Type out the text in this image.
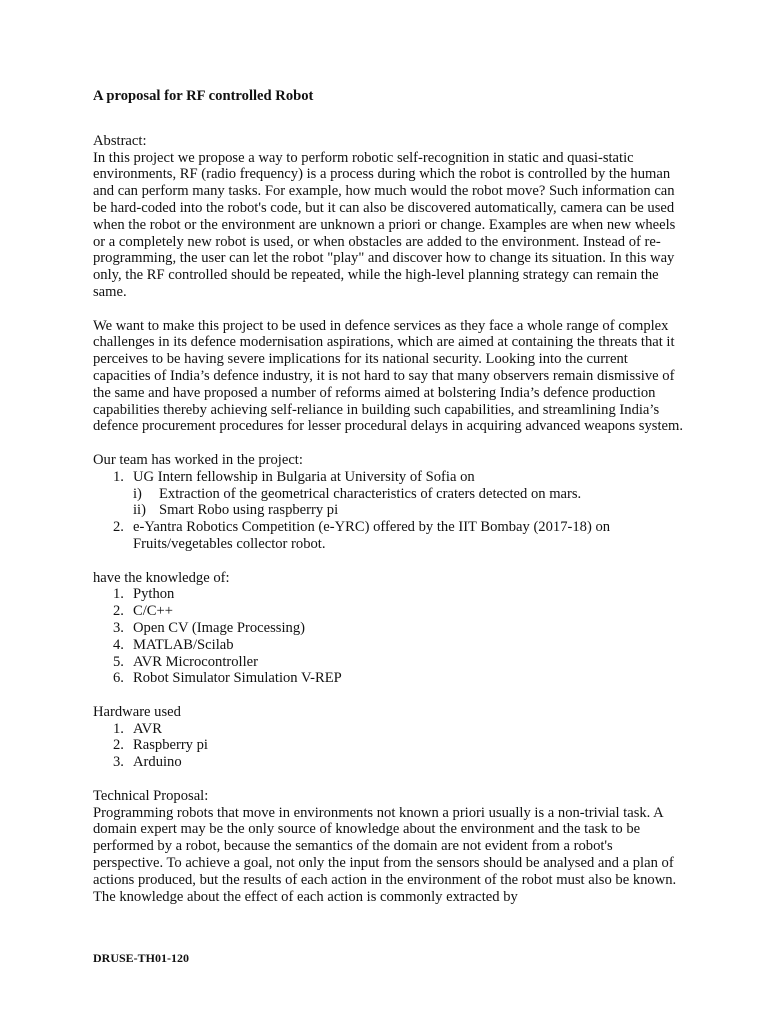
A proposal for RF controlled Robot

Abstract:

In this project we propose a way to perform robotic self-recognition in static and quasi-static environments, RF (radio frequency) is a process during which the robot is controlled by the human and can perform many tasks. For example, how much would the robot move? Such information can be hard-coded into the robot's code, but it can also be discovered automatically, camera can be used when the robot or the environment are unknown a priori or change. Examples are when new wheels or a completely new robot is used, or when obstacles are added to the environment. Instead of re-programming, the user can let the robot "play" and discover how to change its situation. In this way only, the RF controlled should be repeated, while the high-level planning strategy can remain the same.

We want to make this project to be used in defence services as they face a whole range of complex challenges in its defence modernisation aspirations, which are aimed at containing the threats that it perceives to be having severe implications for its national security. Looking into the current capacities of India’s defence industry, it is not hard to say that many observers remain dismissive of the same and have proposed a number of reforms aimed at bolstering India’s defence production capabilities thereby achieving self-reliance in building such capabilities, and streamlining India’s defence procurement procedures for lesser procedural delays in acquiring advanced weapons system.

Our team has worked in the project:

1. UG Intern fellowship in Bulgaria at University of Sofia on
i)	Extraction of the geometrical characteristics of craters detected on mars.
ii) Smart Robo using raspberry pi
2. e-Yantra Robotics Competition (e-YRC) offered by the IIT Bombay (2017-18) on Fruits/vegetables collector robot.

have the knowledge of:

1. Python
2. C/C++
3. Open CV (Image Processing)
4. MATLAB/Scilab
5. AVR Microcontroller
6. Robot Simulator Simulation V-REP

Hardware used

1. AVR
2. Raspberry pi
3. Arduino

Technical Proposal:

Programming robots that move in environments not known a priori usually is a non-trivial task. A domain expert may be the only source of knowledge about the environment and the task to be performed by a robot, because the semantics of the domain are not evident from a robot's perspective. To achieve a goal, not only the input from the sensors should be analysed and a plan of actions produced, but the results of each action in the environment of the robot must also be known. The knowledge about the effect of each action is commonly extracted by

DRUSE-TH01-120
